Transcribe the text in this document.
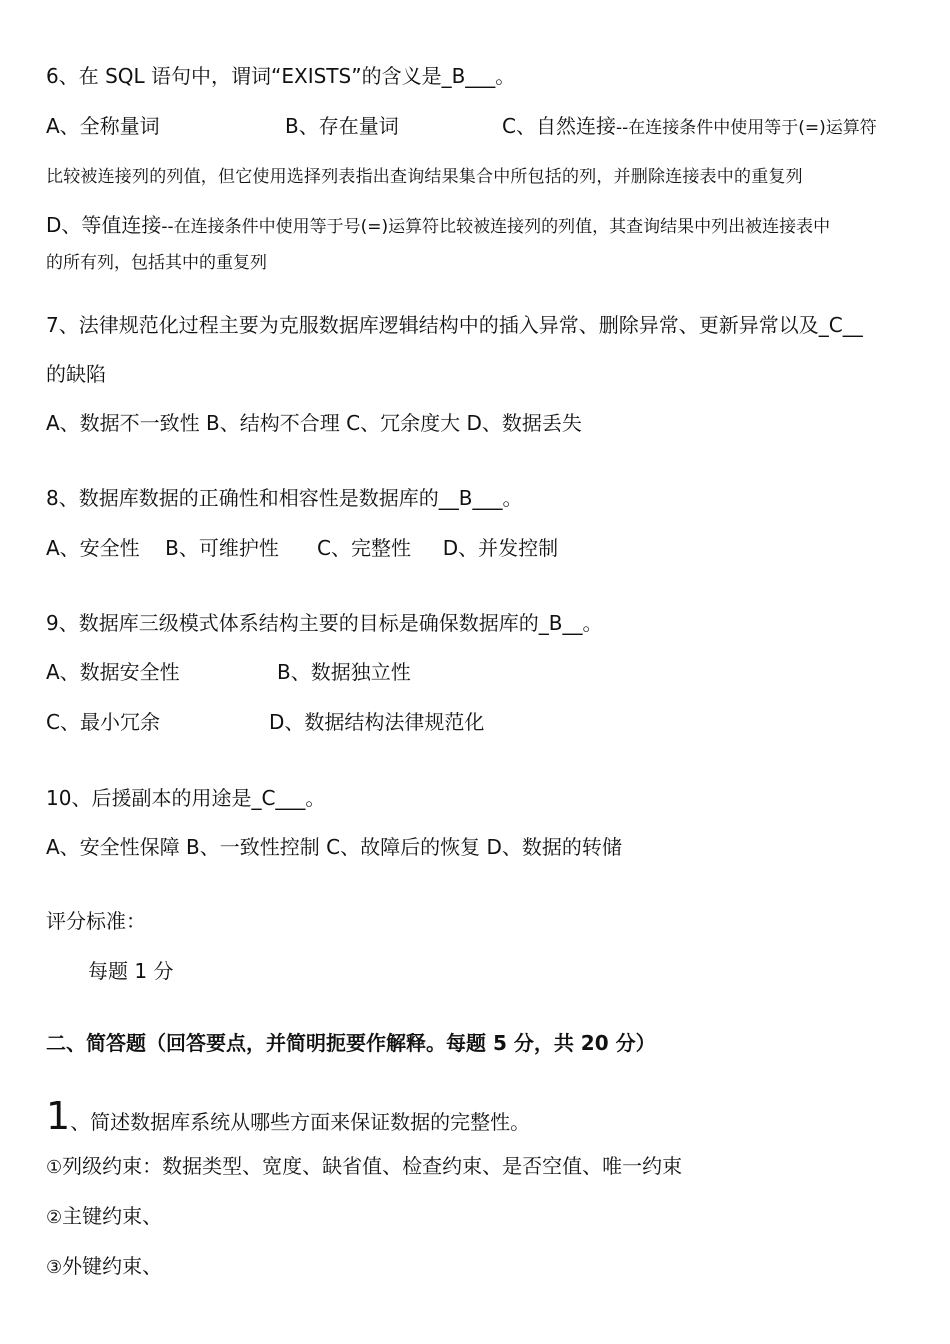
6、在 SQL 语句中，谓词“EXISTS”的含义是_B___。
A、全称量词	B、存在量词	C、自然连接--在连接条件中使用等于(=)运算符
比较被连接列的列值，但它使用选择列表指出查询结果集合中所包括的列，并删除连接表中的重复列
D、等值连接--在连接条件中使用等于号(=)运算符比较被连接列的列值，其查询结果中列出被连接表中
的所有列，包括其中的重复列
7、法律规范化过程主要为克服数据库逻辑结构中的插入异常、删除异常、更新异常以及_C__
的缺陷
A、数据不一致性 B、结构不合理 C、冗余度大 D、数据丢失
8、数据库数据的正确性和相容性是数据库的__B___。
A、安全性    B、可维护性      C、完整性     D、并发控制
9、数据库三级模式体系结构主要的目标是确保数据库的_B__。
A、数据安全性	B、数据独立性
C、最小冗余	D、数据结构法律规范化
10、后援副本的用途是_C___。
A、安全性保障 B、一致性控制 C、故障后的恢复 D、数据的转储
评分标准：
每题 1 分
二、简答题（回答要点，并简明扼要作解释。每题 5 分，共 20 分）
1、简述数据库系统从哪些方面来保证数据的完整性。
①列级约束：数据类型、宽度、缺省值、检查约束、是否空值、唯一约束
②主键约束、
③外键约束、
